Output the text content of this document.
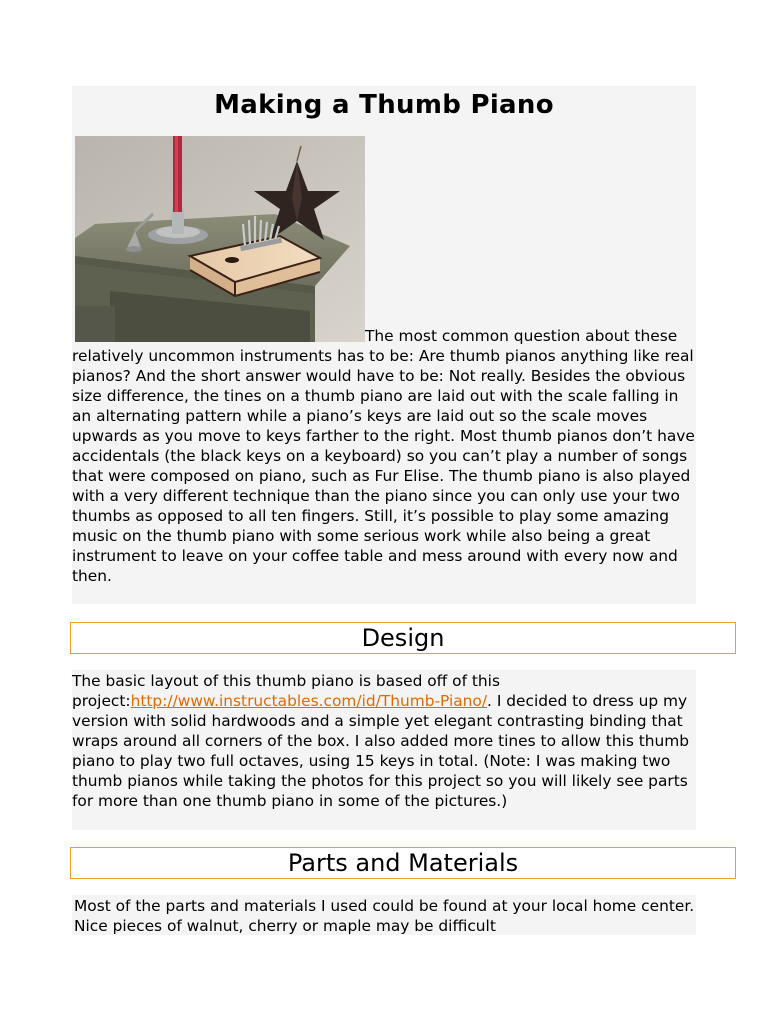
Making a Thumb Piano

The most common question about these relatively uncommon instruments has to be: Are thumb pianos anything like real pianos? And the short answer would have to be: Not really. Besides the obvious size difference, the tines on a thumb piano are laid out with the scale falling in an alternating pattern while a piano’s keys are laid out so the scale moves upwards as you move to keys farther to the right. Most thumb pianos don’t have accidentals (the black keys on a keyboard) so you can’t play a number of songs that were composed on piano, such as Fur Elise. The thumb piano is also played with a very different technique than the piano since you can only use your two thumbs as opposed to all ten fingers. Still, it’s possible to play some amazing music on the thumb piano with some serious work while also being a great instrument to leave on your coffee table and mess around with every now and then.

Design

The basic layout of this thumb piano is based off of this project:http://www.instructables.com/id/Thumb-Piano/. I decided to dress up my version with solid hardwoods and a simple yet elegant contrasting binding that wraps around all corners of the box. I also added more tines to allow this thumb piano to play two full octaves, using 15 keys in total. (Note: I was making two thumb pianos while taking the photos for this project so you will likely see parts for more than one thumb piano in some of the pictures.)

Parts and Materials

Most of the parts and materials I used could be found at your local home center. Nice pieces of walnut, cherry or maple may be difficult
